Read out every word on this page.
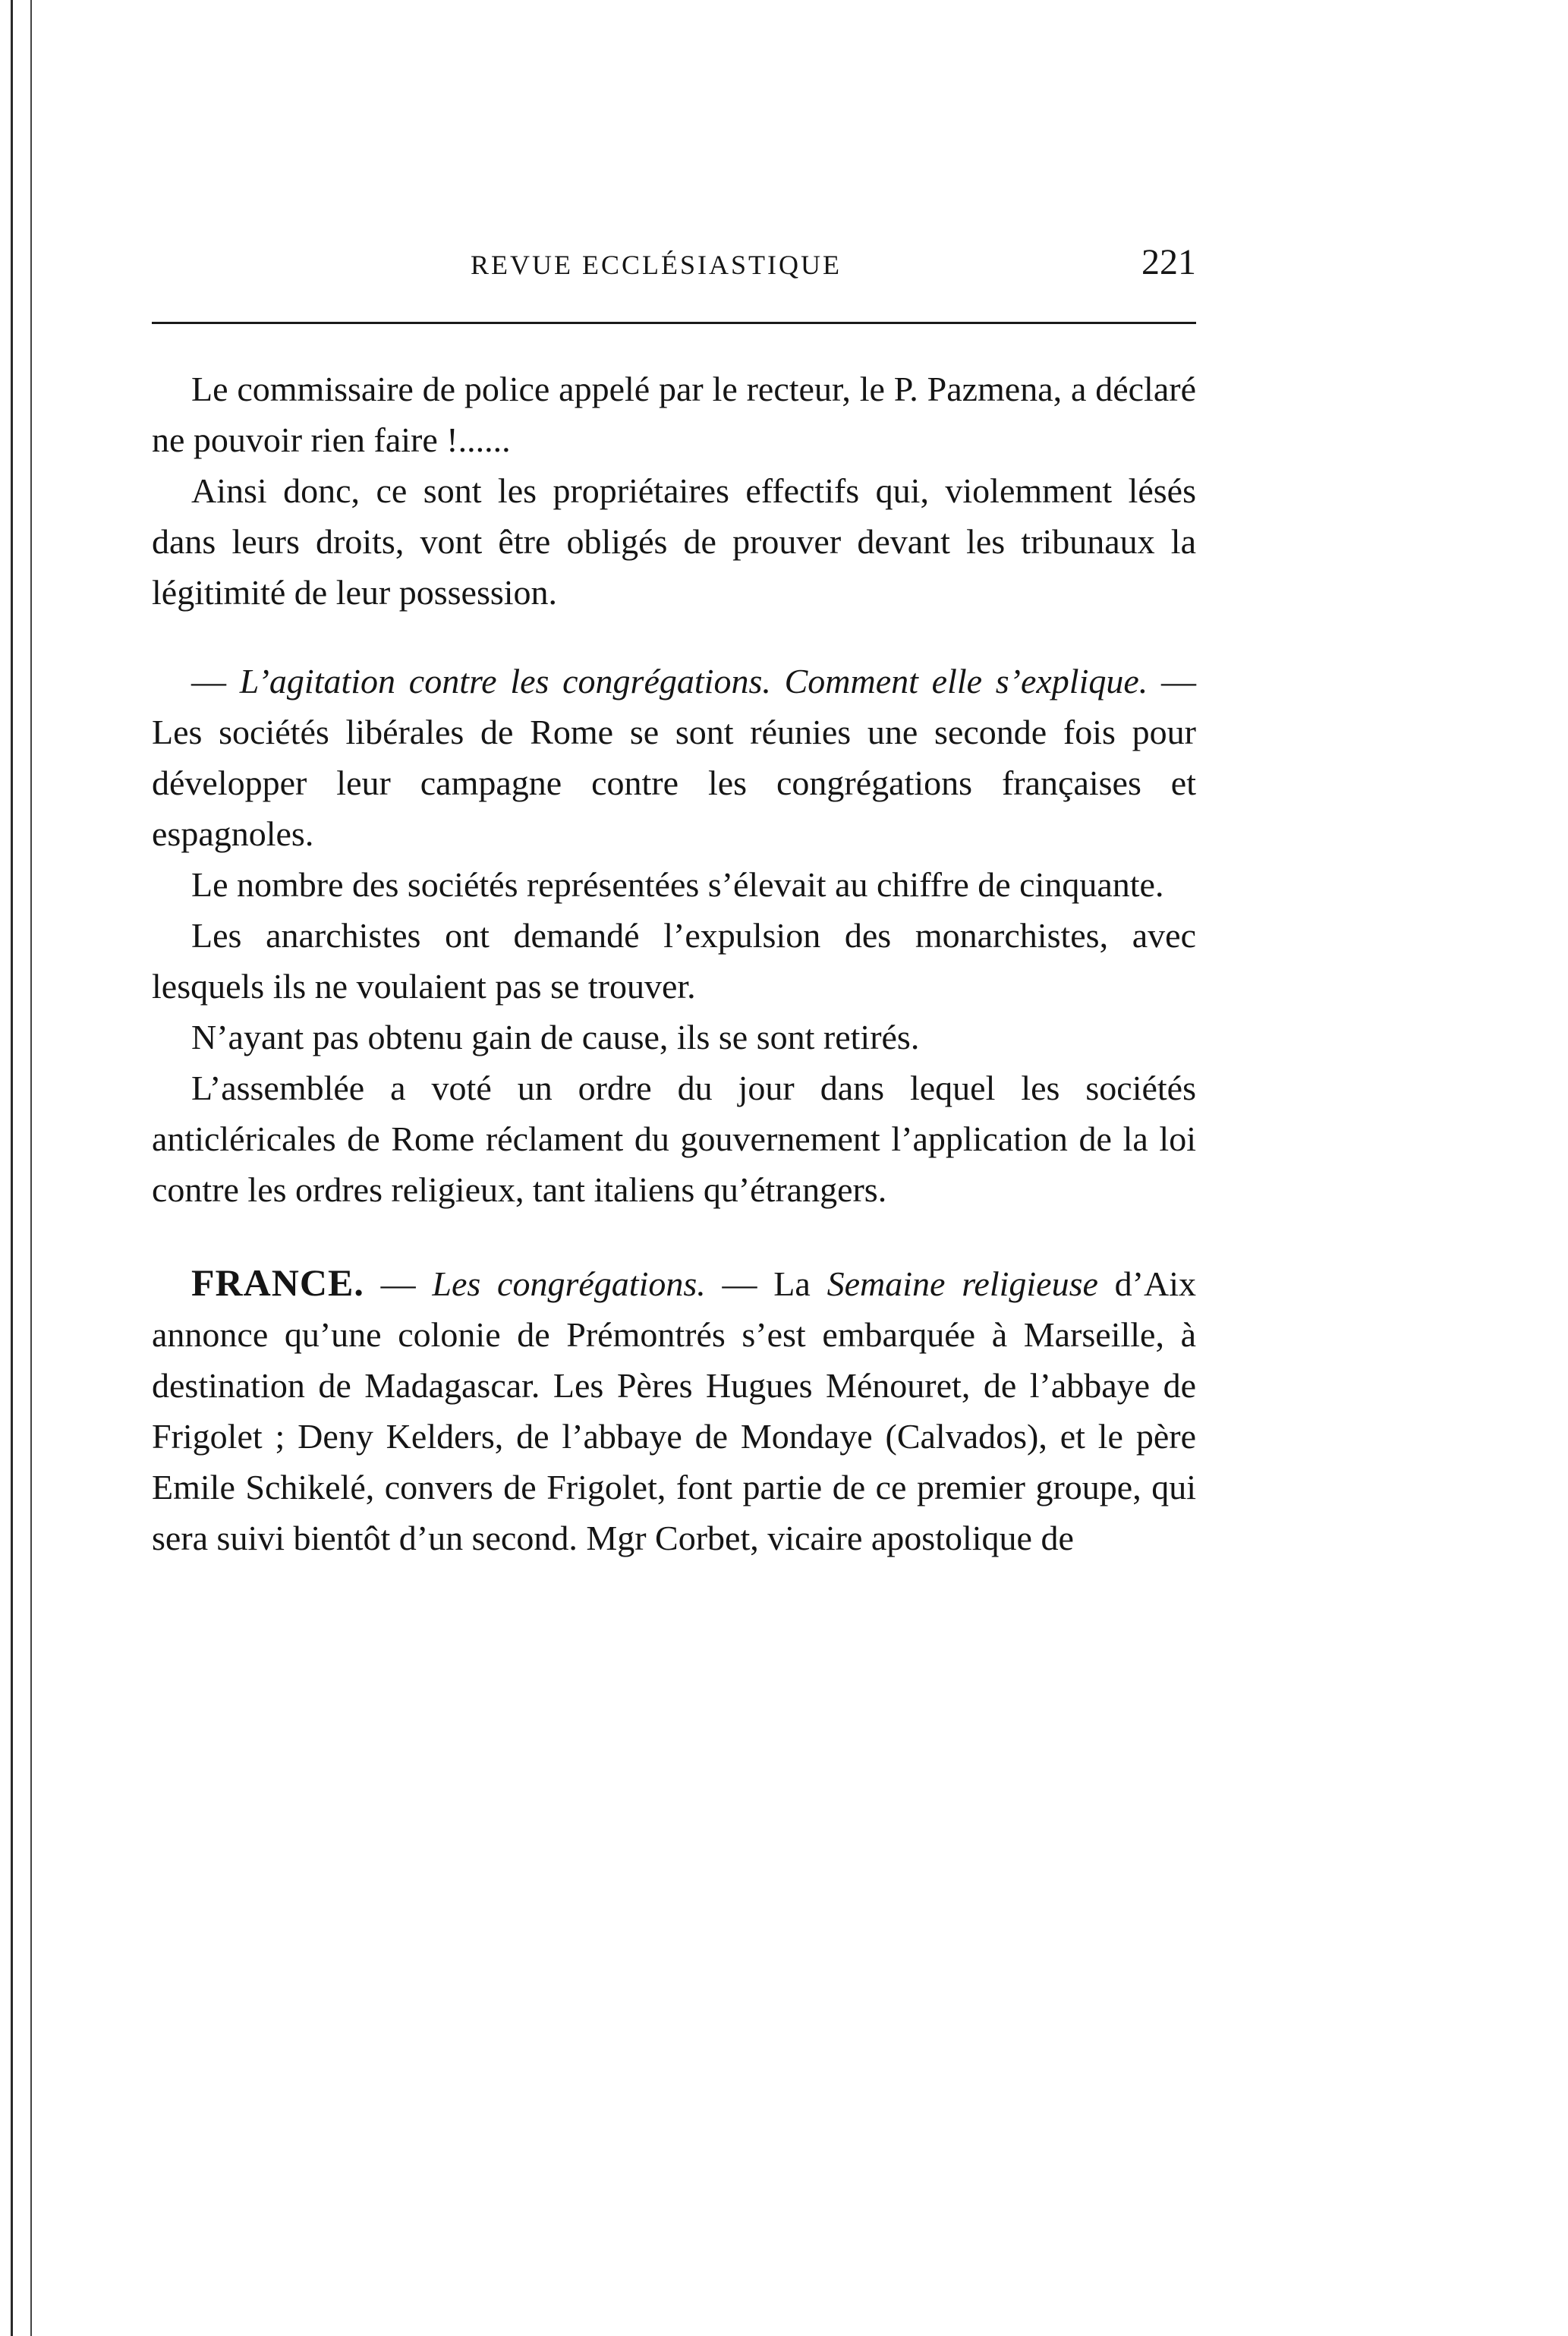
REVUE ECCLÉSIASTIQUE	221

Le commissaire de police appelé par le recteur, le P. Pazmena, a déclaré ne pouvoir rien faire !......

Ainsi donc, ce sont les propriétaires effectifs qui, violemment lésés dans leurs droits, vont être obligés de prouver devant les tribunaux la légitimité de leur possession.

— L’agitation contre les congrégations. Comment elle s’explique. — Les sociétés libérales de Rome se sont réunies une seconde fois pour développer leur campagne contre les congrégations françaises et espagnoles.

Le nombre des sociétés représentées s’élevait au chiffre de cinquante.

Les anarchistes ont demandé l’expulsion des monarchistes, avec lesquels ils ne voulaient pas se trouver.

N’ayant pas obtenu gain de cause, ils se sont retirés.

L’assemblée a voté un ordre du jour dans lequel les sociétés anticléricales de Rome réclament du gouvernement l’application de la loi contre les ordres religieux, tant italiens qu’étrangers.

FRANCE. — Les congrégations. — La Semaine religieuse d’Aix annonce qu’une colonie de Prémontrés s’est embarquée à Marseille, à destination de Madagascar. Les Pères Hugues Ménouret, de l’abbaye de Frigolet ; Deny Kelders, de l’abbaye de Mondaye (Calvados), et le père Emile Schikelé, convers de Frigolet, font partie de ce premier groupe, qui sera suivi bientôt d’un second. Mgr Corbet, vicaire apostolique de
